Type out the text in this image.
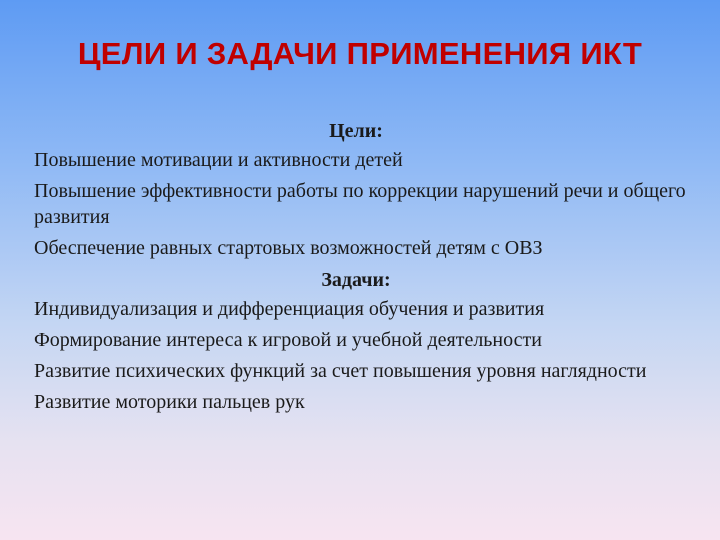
ЦЕЛИ И ЗАДАЧИ ПРИМЕНЕНИЯ ИКТ
Цели:
Повышение мотивации и активности детей
Повышение эффективности работы по коррекции нарушений речи и общего развития
Обеспечение равных стартовых возможностей детям с ОВЗ
Задачи:
Индивидуализация и дифференциация обучения и развития
Формирование интереса к игровой и учебной деятельности
Развитие психических функций за счет повышения уровня наглядности
Развитие моторики пальцев рук
